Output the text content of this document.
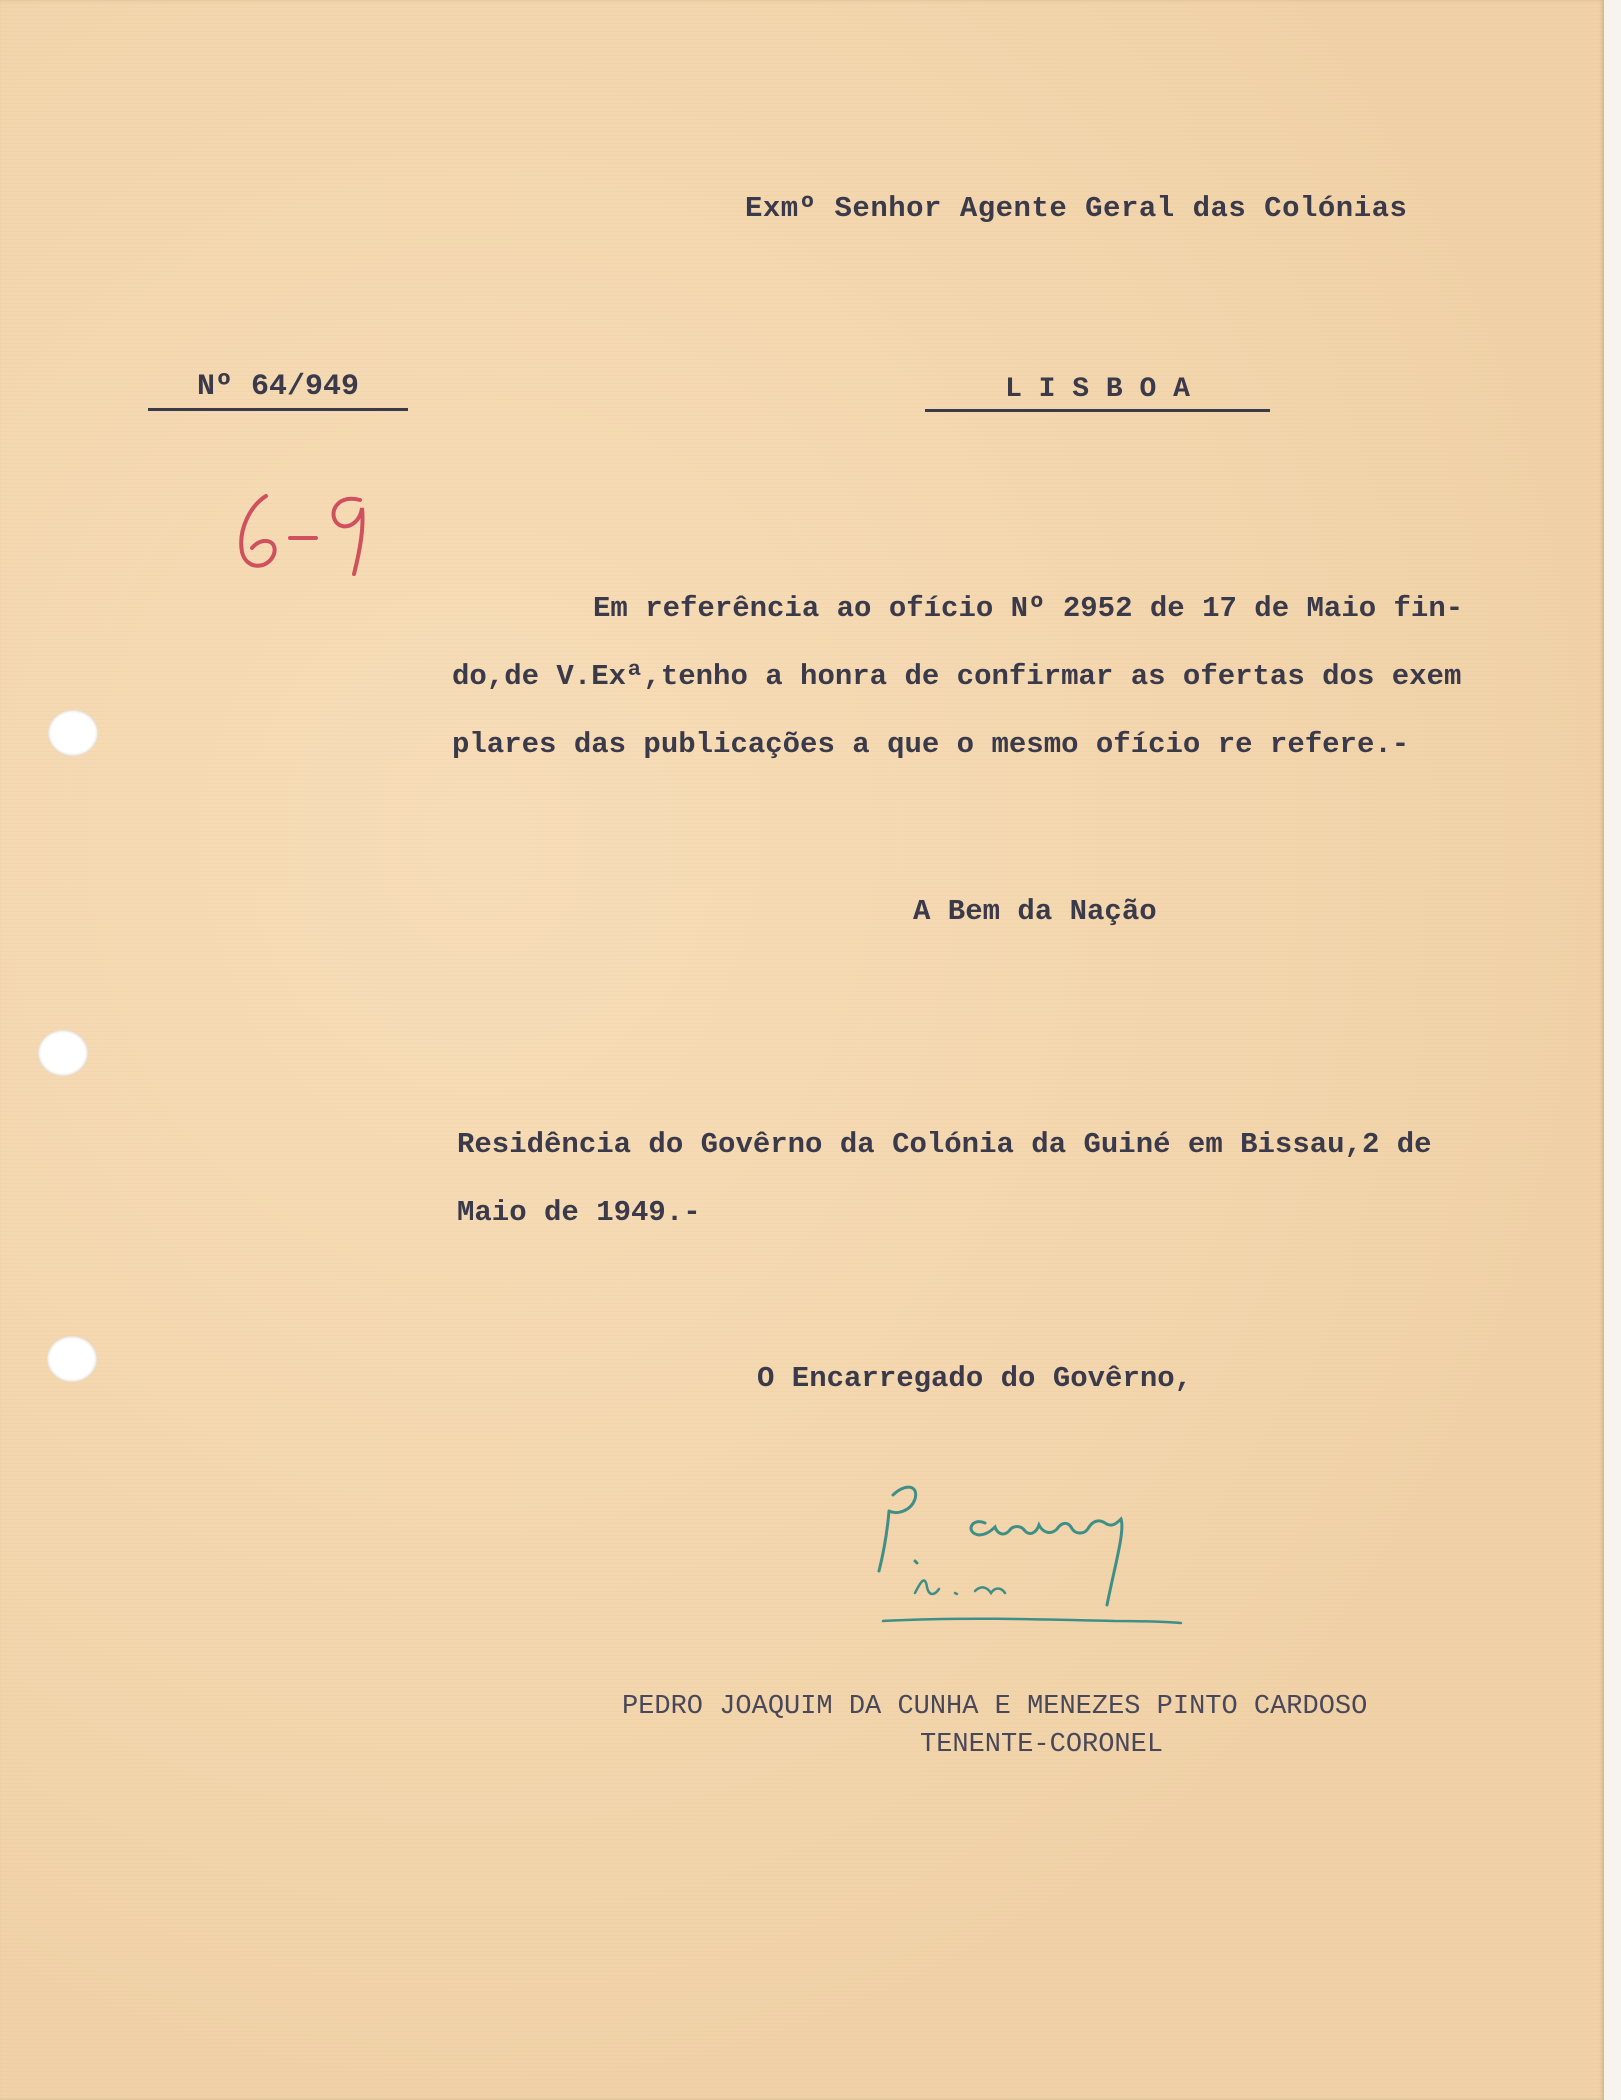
Exmº Senhor Agente Geral das Colónias

Nº 64/949	L I S B O A

Em referência ao ofício Nº 2952 de 17 de Maio fin-

do,de V.Exª,tenho a honra de confirmar as ofertas dos exem

plares das publicações a que o mesmo ofício re refere.-

A Bem da Nação

Residência do Govêrno da Colónia da Guiné em Bissau,2 de

Maio de 1949.-

O Encarregado do Govêrno,

PEDRO JOAQUIM DA CUNHA E MENEZES PINTO CARDOSO

TENENTE-CORONEL
